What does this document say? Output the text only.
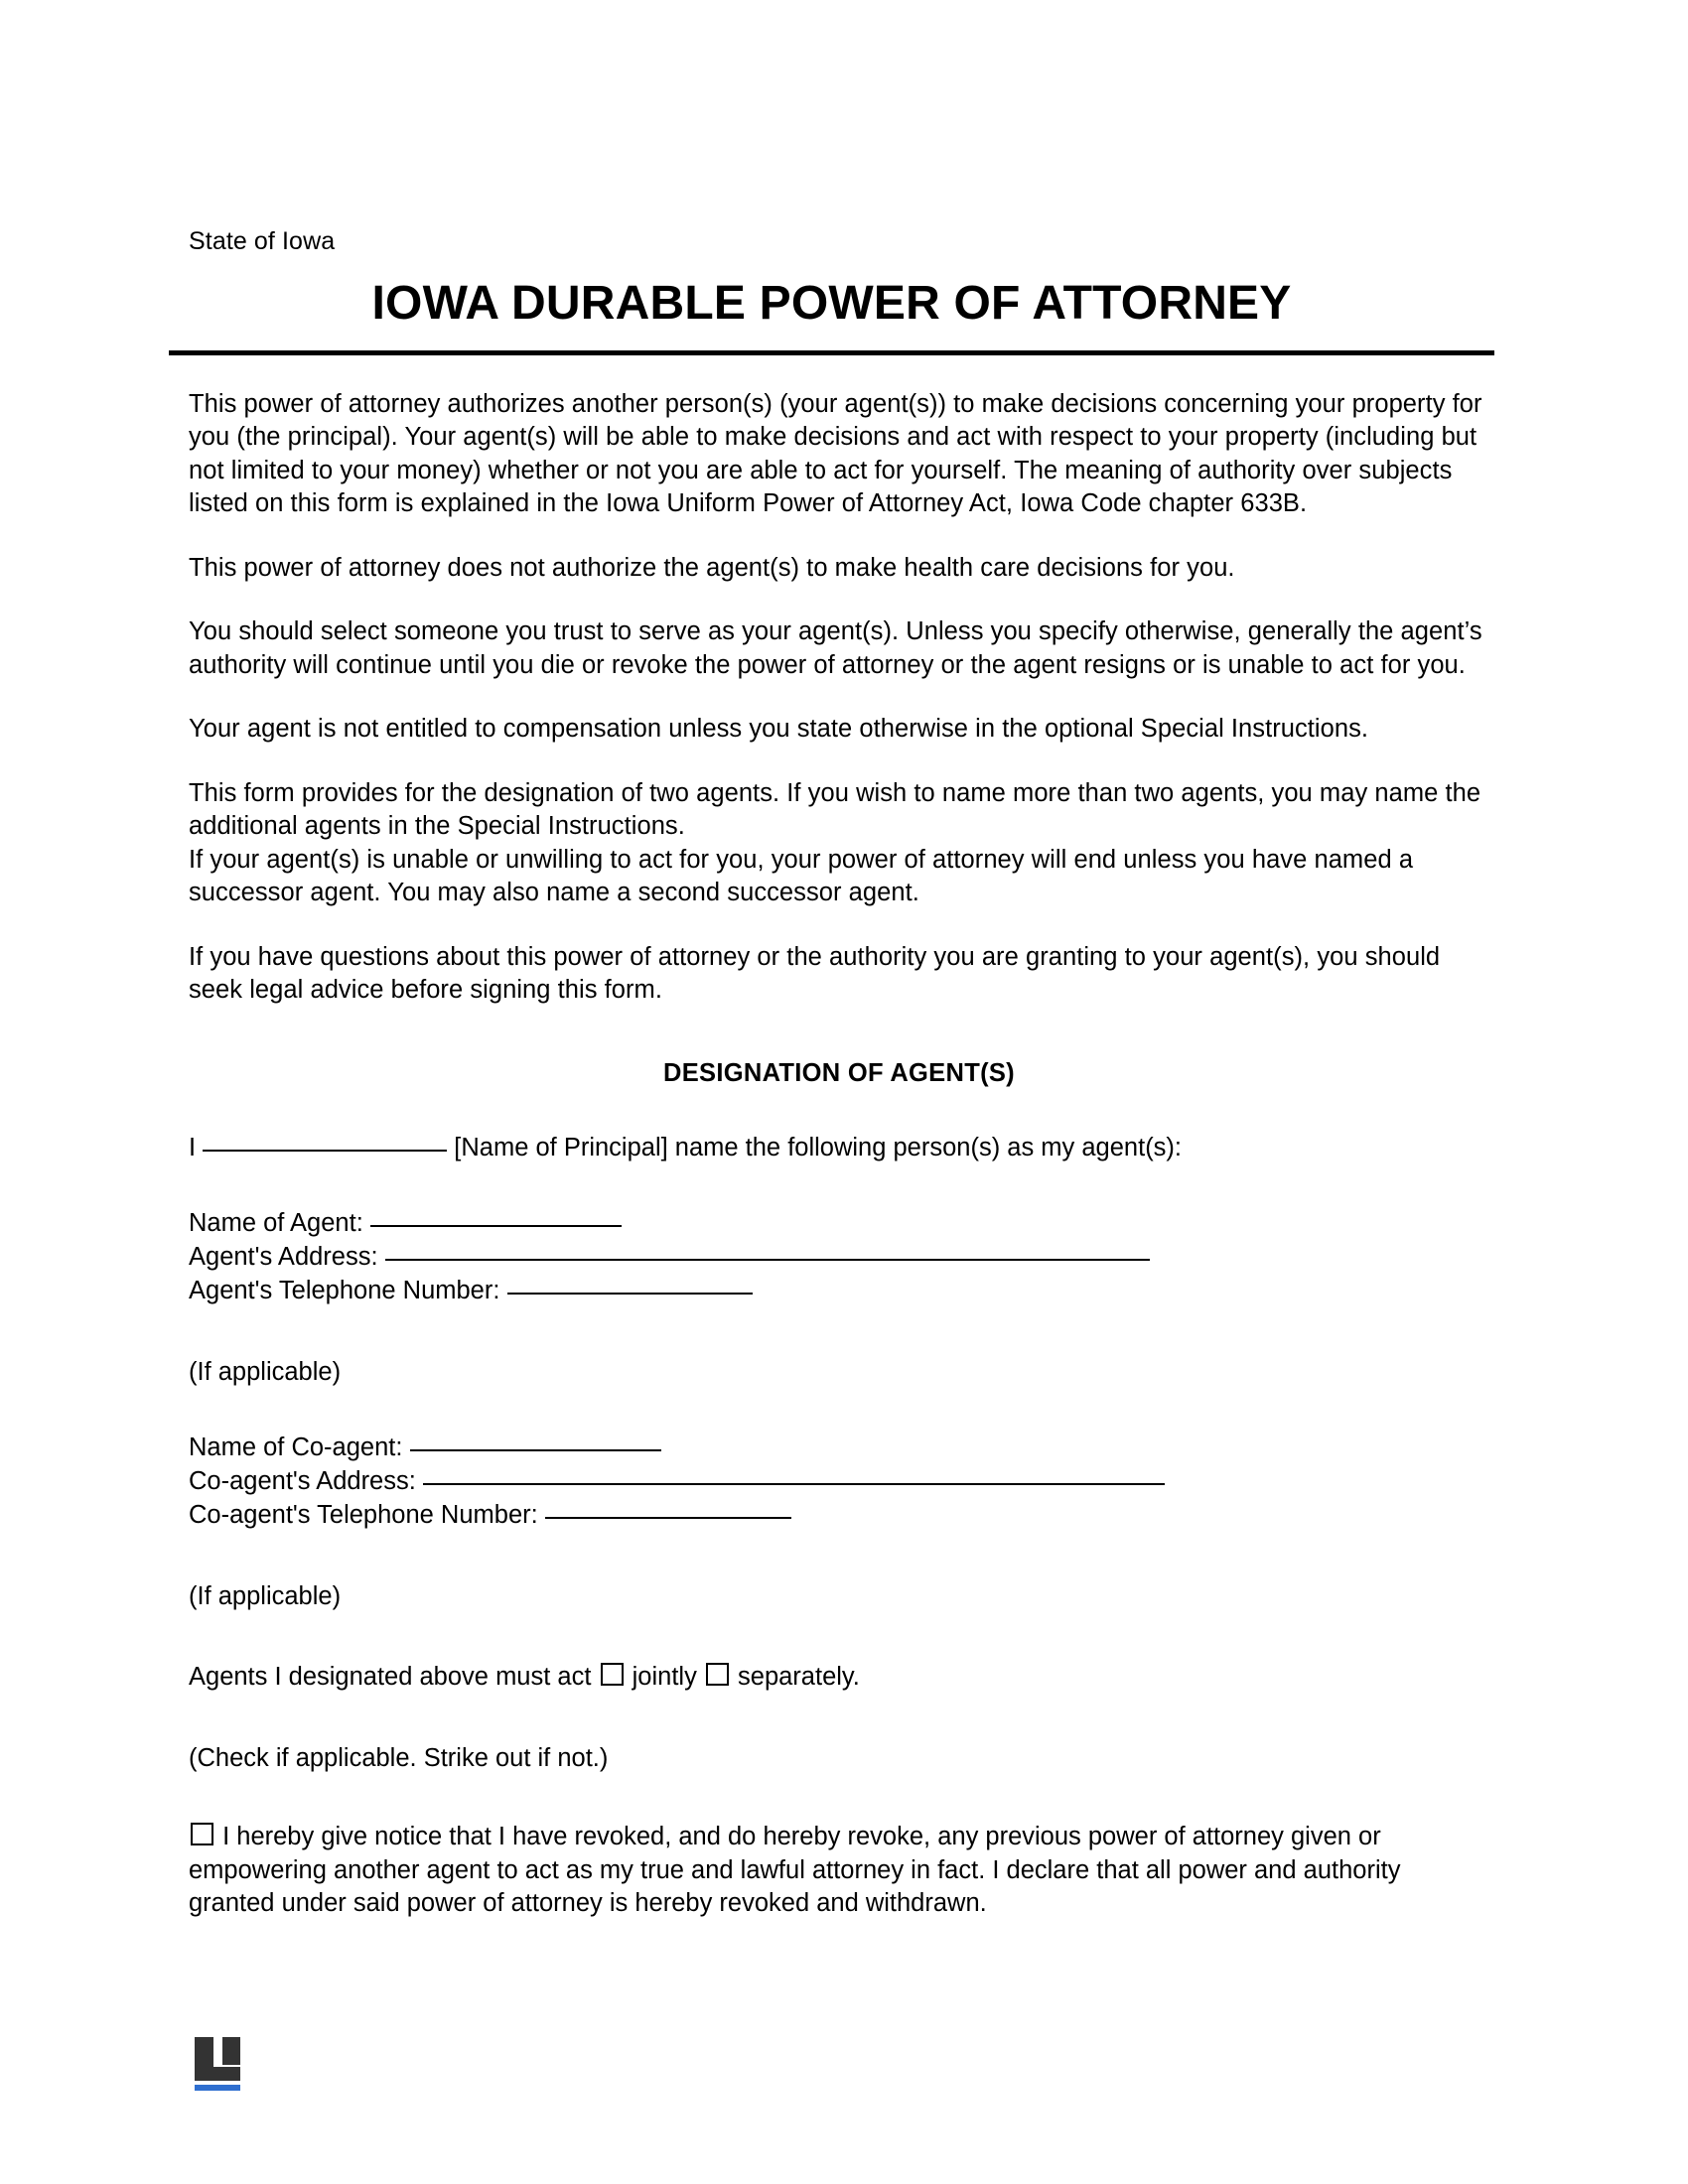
State of Iowa
IOWA DURABLE POWER OF ATTORNEY

This power of attorney authorizes another person(s) (your agent(s)) to make decisions concerning your property for you (the principal). Your agent(s) will be able to make decisions and act with respect to your property (including but not limited to your money) whether or not you are able to act for yourself. The meaning of authority over subjects listed on this form is explained in the Iowa Uniform Power of Attorney Act, Iowa Code chapter 633B.

This power of attorney does not authorize the agent(s) to make health care decisions for you.

You should select someone you trust to serve as your agent(s). Unless you specify otherwise, generally the agent’s authority will continue until you die or revoke the power of attorney or the agent resigns or is unable to act for you.

Your agent is not entitled to compensation unless you state otherwise in the optional Special Instructions.

This form provides for the designation of two agents. If you wish to name more than two agents, you may name the additional agents in the Special Instructions.

If your agent(s) is unable or unwilling to act for you, your power of attorney will end unless you have named a successor agent. You may also name a second successor agent.

If you have questions about this power of attorney or the authority you are granting to your agent(s), you should seek legal advice before signing this form.

DESIGNATION OF AGENT(S)
I	[Name of Principal] name the following person(s) as my agent(s):
Name of Agent:
Agent's Address:
Agent's Telephone Number:
(If applicable)
Name of Co-agent:
Co-agent's Address:
Co-agent's Telephone Number:
(If applicable)
Agents I designated above must act jointly separately.
(Check if applicable. Strike out if not.)
I hereby give notice that I have revoked, and do hereby revoke, any previous power of attorney given or empowering another agent to act as my true and lawful attorney in fact. I declare that all power and authority granted under said power of attorney is hereby revoked and withdrawn.
